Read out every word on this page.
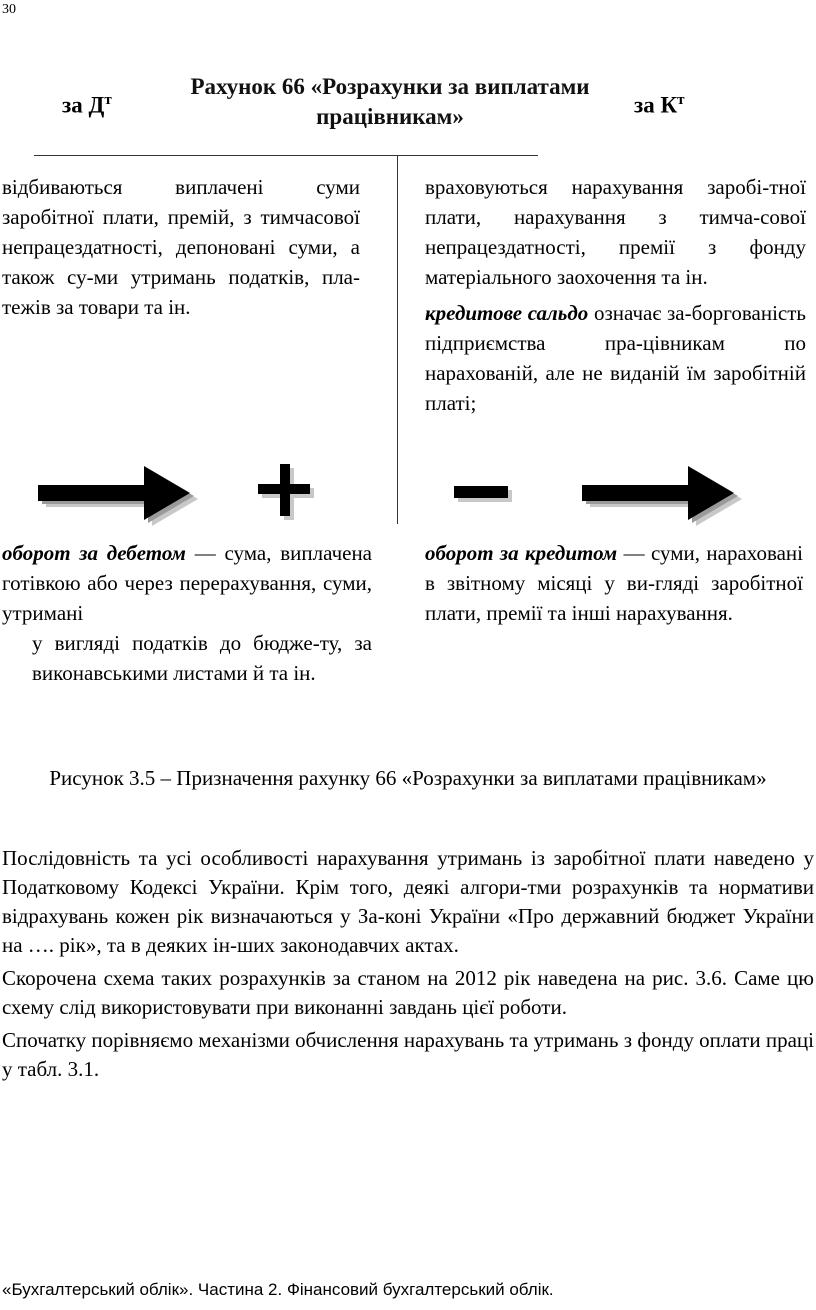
30
Рахунок 66 «Розрахунки за виплатами працівникам»
за $Д^т$	за $К^т$

відбиваються виплачені суми заробітної плати, премій, з тимчасової непрацездатності, депоновані суми, а також су-ми утримань податків, пла-тежів за товари та ін.

враховуються нарахування заробі-тної плати, нарахування з тимча-сової непрацездатності, премії з фонду матеріального заохочення та ін.

кредитове сальдо означає за-боргованість підприємства пра-цівникам по нарахованій, але не виданій їм заробітній платі;

оборот за дебетом — сума, виплачена готівкою або через перерахування, суми, утримані

у вигляді податків до бюдже-ту, за виконавськими листами й та ін.

оборот за кредитом — суми, нараховані в звітному місяці у ви-гляді заробітної плати, премії та інші нарахування.

Рисунок 3.5 – Призначення рахунку 66 «Розрахунки за виплатами працівникам»

Послідовність та усі особливості нарахування утримань із заробітної плати наведено у Податковому Кодексі України. Крім того, деякі алгори-тми розрахунків та нормативи відрахувань кожен рік визначаються у За-коні України «Про державний бюджет України на …. рік», та в деяких ін-ших законодавчих актах.

Скорочена схема таких розрахунків за станом на 2012 рік наведена на рис. 3.6. Саме цю схему слід використовувати при виконанні завдань цієї роботи.

Спочатку порівняємо механізми обчислення нарахувань та утримань з фонду оплати праці у табл. 3.1.

«Бухгалтерський облік». Частина 2. Фінансовий бухгалтерський облік.
